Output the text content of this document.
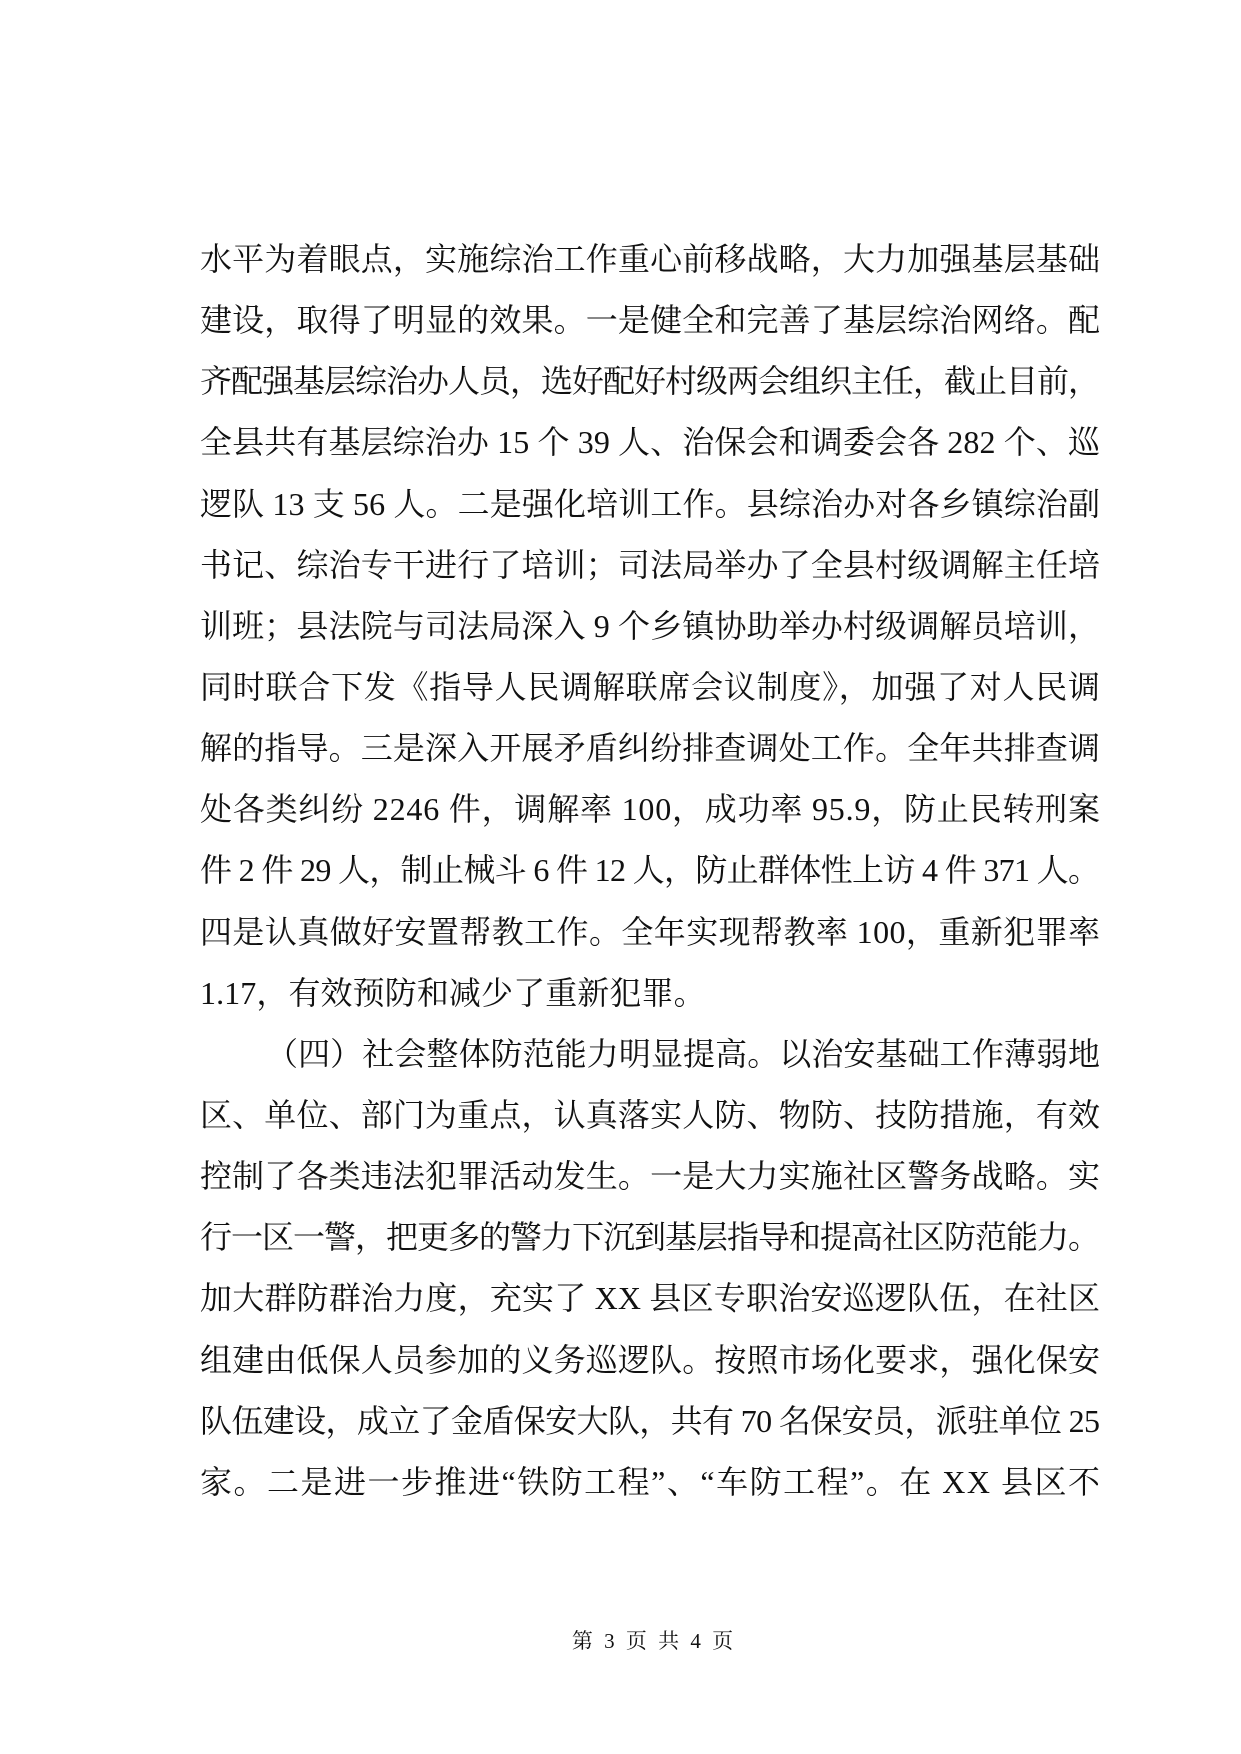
水平为着眼点，实施综治工作重心前移战略，大力加强基层基础
建设，取得了明显的效果。一是健全和完善了基层综治网络。配
齐配强基层综治办人员，选好配好村级两会组织主任，截止目前，
全县共有基层综治办 15 个 39 人、治保会和调委会各 282 个、巡
逻队 13 支 56 人。二是强化培训工作。县综治办对各乡镇综治副
书记、综治专干进行了培训；司法局举办了全县村级调解主任培
训班；县法院与司法局深入 9 个乡镇协助举办村级调解员培训，
同时联合下发《指导人民调解联席会议制度》，加强了对人民调
解的指导。三是深入开展矛盾纠纷排查调处工作。全年共排查调
处各类纠纷 2246 件，调解率 100，成功率 95.9，防止民转刑案
件 2 件 29 人，制止械斗 6 件 12 人，防止群体性上访 4 件 371 人。
四是认真做好安置帮教工作。全年实现帮教率 100，重新犯罪率
1.17，有效预防和减少了重新犯罪。
（四）社会整体防范能力明显提高。以治安基础工作薄弱地
区、单位、部门为重点，认真落实人防、物防、技防措施，有效
控制了各类违法犯罪活动发生。一是大力实施社区警务战略。实
行一区一警，把更多的警力下沉到基层指导和提高社区防范能力。
加大群防群治力度，充实了 XX 县区专职治安巡逻队伍，在社区
组建由低保人员参加的义务巡逻队。按照市场化要求，强化保安
队伍建设，成立了金盾保安大队，共有 70 名保安员，派驻单位 25
家。二是进一步推进“铁防工程”、“车防工程”。在 XX 县区不
第 3 页 共 4 页
